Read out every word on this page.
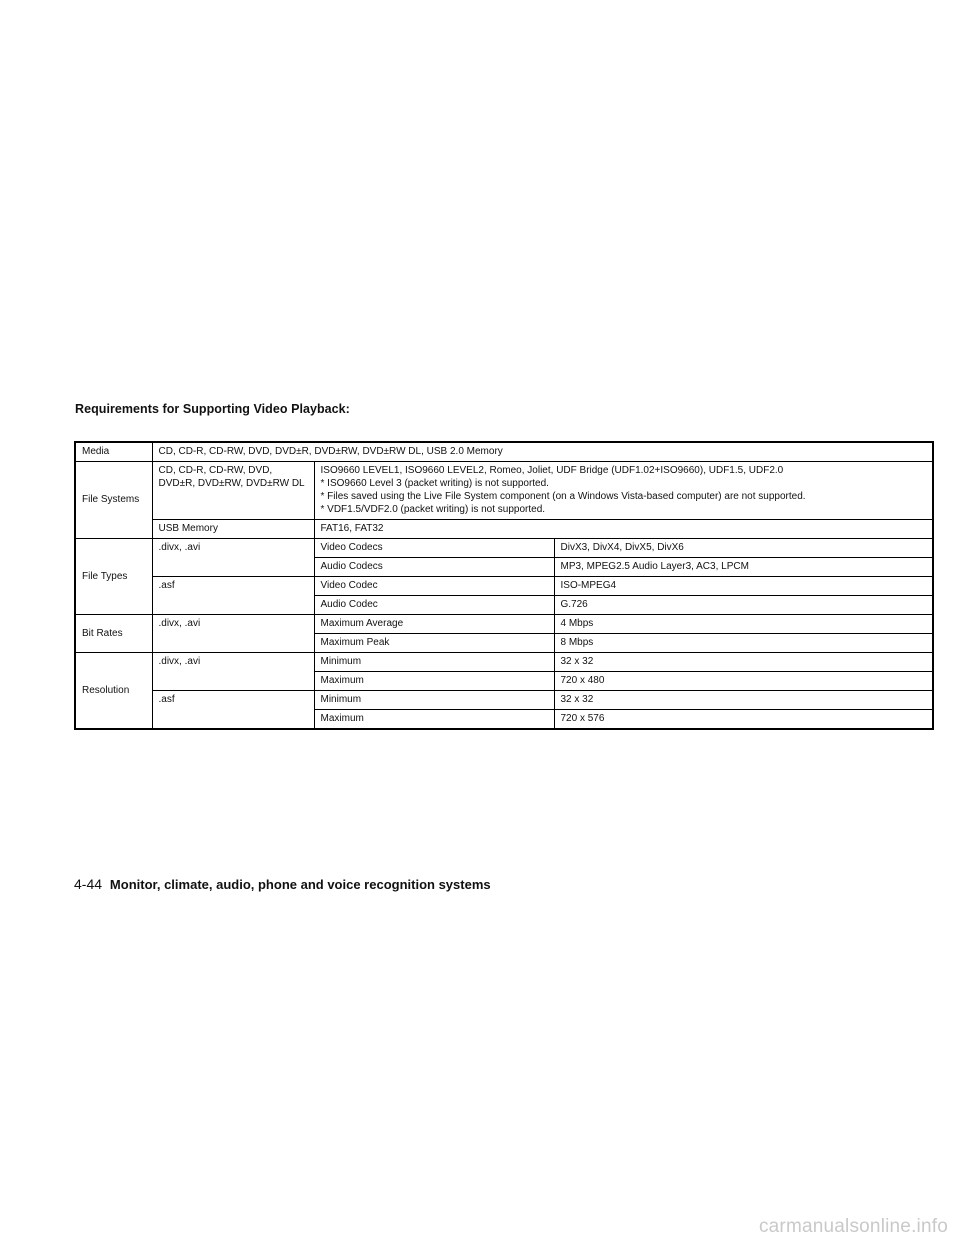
Requirements for Supporting Video Playback:
Media	CD, CD-R, CD-RW, DVD, DVD±R, DVD±RW, DVD±RW DL, USB 2.0 Memory		
File Systems	CD, CD-R, CD-RW, DVD, DVD±R, DVD±RW, DVD±RW DL	ISO9660 LEVEL1, ISO9660 LEVEL2, Romeo, Joliet, UDF Bridge (UDF1.02+ISO9660), UDF1.5, UDF2.0
* ISO9660 Level 3 (packet writing) is not supported.
* Files saved using the Live File System component (on a Windows Vista-based computer) are not supported.
* VDF1.5/VDF2.0 (packet writing) is not supported.	

	USB Memory	FAT16, FAT32	
File Types	.divx, .avi	Video Codecs	DivX3, DivX4, DivX5, DivX6
		Audio Codecs	MP3, MPEG2.5 Audio Layer3, AC3, LPCM
	.asf	Video Codec	ISO-MPEG4
		Audio Codec	G.726
Bit Rates	.divx, .avi	Maximum Average	4 Mbps
		Maximum Peak	8 Mbps
Resolution	.divx, .avi	Minimum	32 x 32
		Maximum	720 x 480
	.asf	Minimum	32 x 32
		Maximum	720 x 576
4-44 Monitor, climate, audio, phone and voice recognition systems
carmanualsonline.info
